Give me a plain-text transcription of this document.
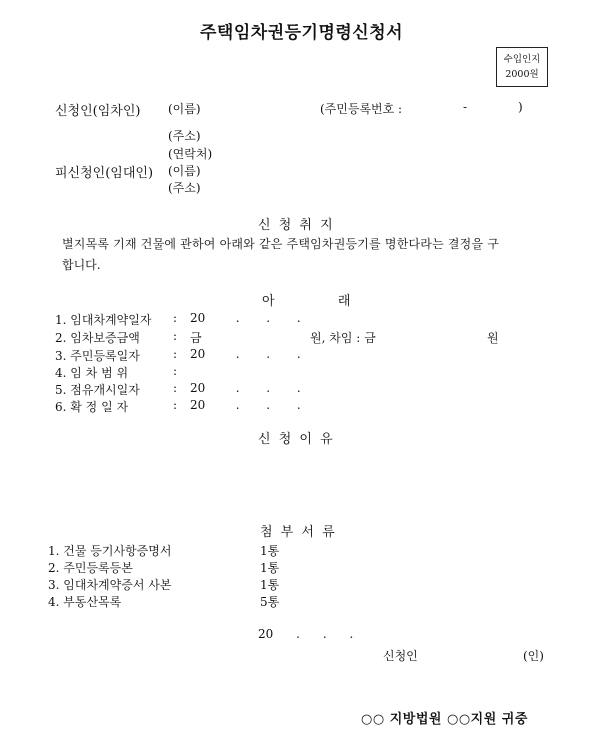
주택임차권등기명령신청서
수입인지
2000원
신청인(임차인) (이름)	(주민등록번호 :	-	)
(주소)
(연락처)
피신청인(임대인) (이름)
(주소)
신 청 취 지
별지목록 기재 건물에 관하여 아래와 같은 주택임차권등기를 명한다라는 결정을 구
합니다.
아          래
1. 임대차계약일자 : 20        .       .       .
2. 임차보증금액	: 금	원, 차임 : 금	원
3. 주민등록일자	: 20        .       .       .
4. 임 차 범 위	:
5. 점유개시일자	: 20        .       .       .
6. 확 정 일 자	: 20        .       .       .
신 청 이 유
첨 부 서 류
1. 건물 등기사항증명서	1통
2. 주민등록등본	1통
3. 임대차계약증서 사본	1통
4. 부동산목록	5통
20      .      .      .
신청인	(인)
○○ 지방법원 ○○지원 귀중
